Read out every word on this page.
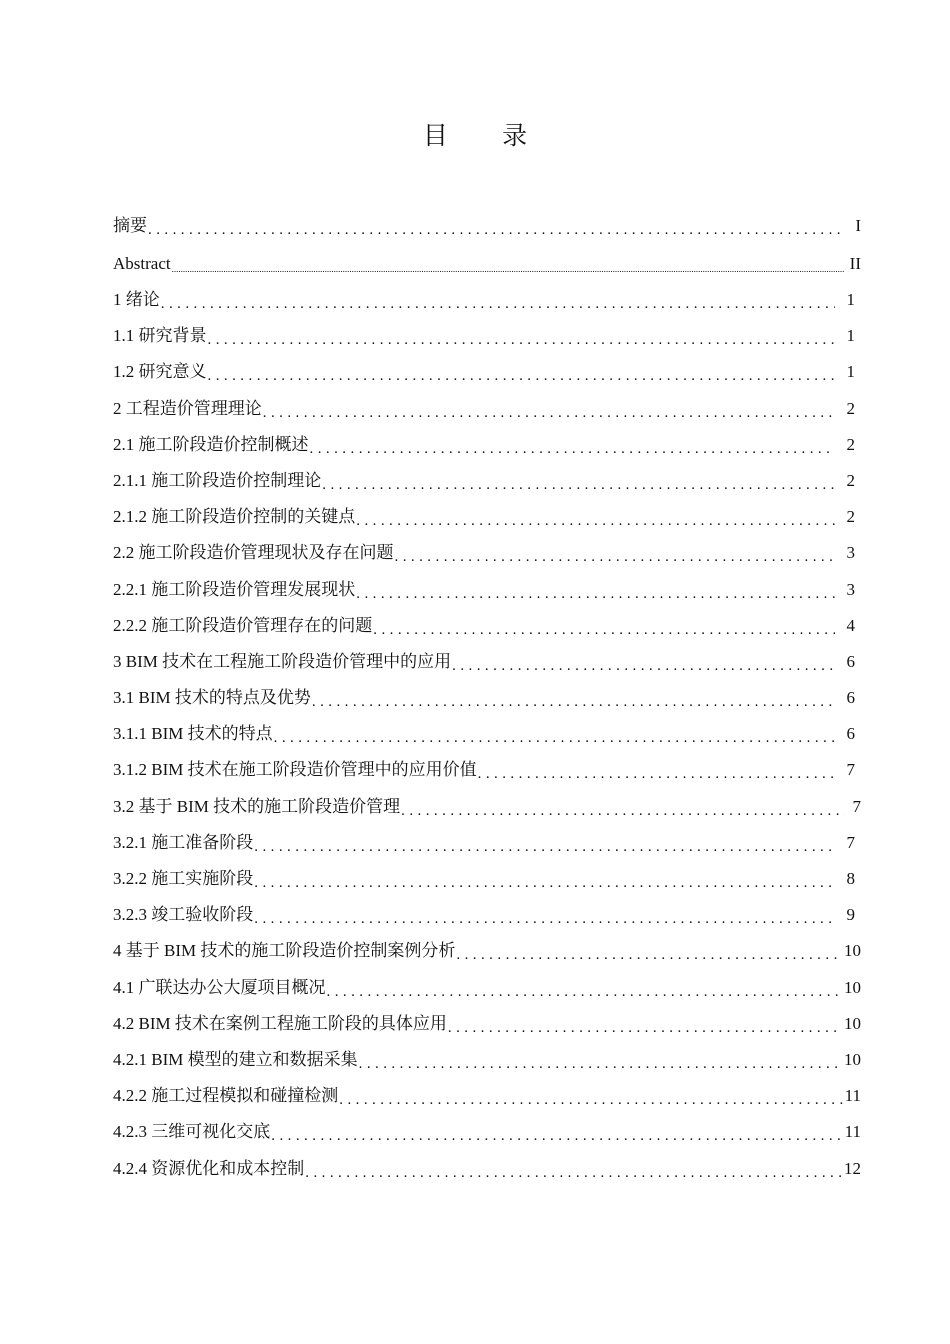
目 录
摘要 . . .	I
Abstract .....	II
1 绪论 . . .	1
1.1 研究背景 . . .	1
1.2 研究意义 . . .	1
2 工程造价管理理论 . . .	2
2.1 施工阶段造价控制概述 . . .	2
2.1.1 施工阶段造价控制理论 . . .	2
2.1.2 施工阶段造价控制的关键点 . . .	2
2.2 施工阶段造价管理现状及存在问题 . . .	3
2.2.1 施工阶段造价管理发展现状 . . .	3
2.2.2 施工阶段造价管理存在的问题 . . .	4
3 BIM 技术在工程施工阶段造价管理中的应用 . . .	6
3.1 BIM 技术的特点及优势 . . .	6
3.1.1 BIM 技术的特点 . . .	6
3.1.2 BIM 技术在施工阶段造价管理中的应用价值 . . .	7
3.2 基于 BIM 技术的施工阶段造价管理 . . .	7
3.2.1 施工准备阶段 . . .	7
3.2.2 施工实施阶段 . . .	8
3.2.3 竣工验收阶段 . . .	9
4 基于 BIM 技术的施工阶段造价控制案例分析 . . .	10
4.1 广联达办公大厦项目概况 . . .	10
4.2 BIM 技术在案例工程施工阶段的具体应用 . . .	10
4.2.1 BIM 模型的建立和数据采集 . . .	10
4.2.2 施工过程模拟和碰撞检测 . . .	11
4.2.3 三维可视化交底 . . .	11
4.2.4 资源优化和成本控制 . . .	12
